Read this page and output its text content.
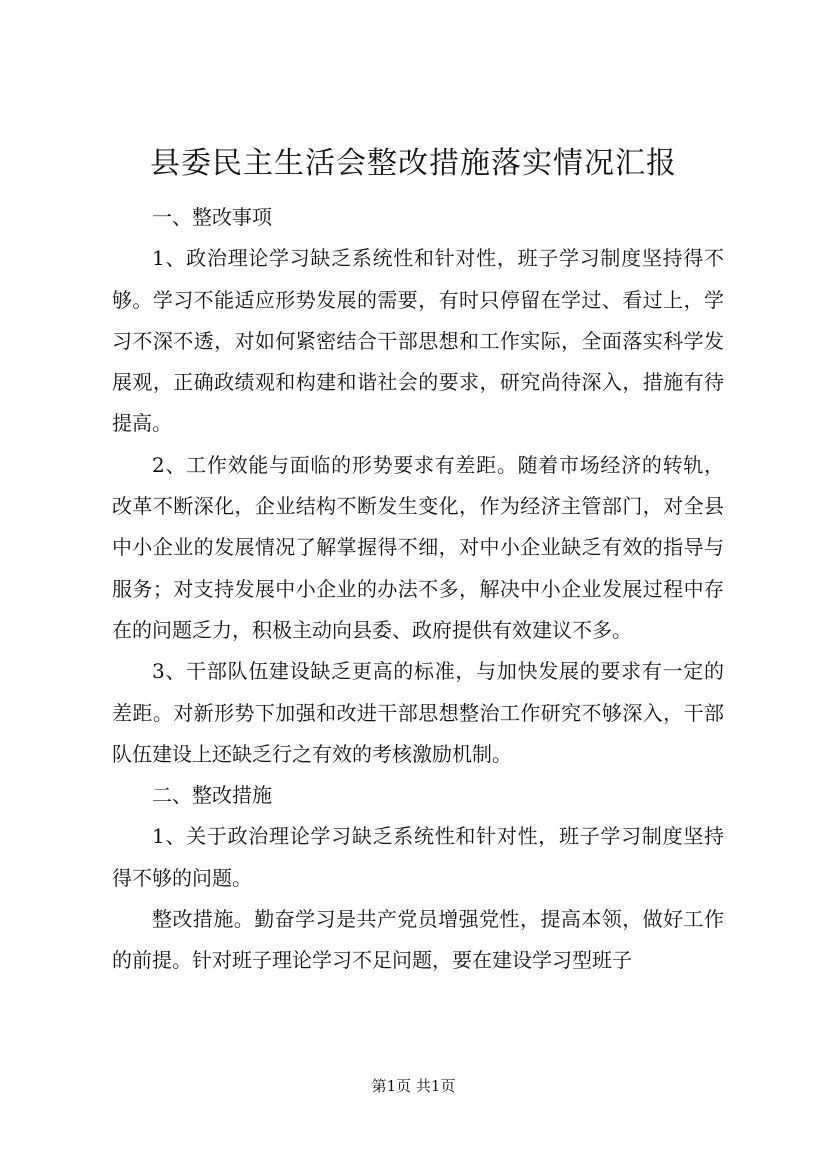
县委民主生活会整改措施落实情况汇报

一、整改事项

1、政治理论学习缺乏系统性和针对性，班子学习制度坚持得不够。学习不能适应形势发展的需要，有时只停留在学过、看过上，学习不深不透，对如何紧密结合干部思想和工作实际，全面落实科学发展观，正确政绩观和构建和谐社会的要求，研究尚待深入，措施有待提高。

2、工作效能与面临的形势要求有差距。随着市场经济的转轨，改革不断深化，企业结构不断发生变化，作为经济主管部门，对全县中小企业的发展情况了解掌握得不细，对中小企业缺乏有效的指导与服务；对支持发展中小企业的办法不多，解决中小企业发展过程中存在的问题乏力，积极主动向县委、政府提供有效建议不多。

3、干部队伍建设缺乏更高的标准，与加快发展的要求有一定的差距。对新形势下加强和改进干部思想整治工作研究不够深入，干部队伍建设上还缺乏行之有效的考核激励机制。

二、整改措施

1、关于政治理论学习缺乏系统性和针对性，班子学习制度坚持得不够的问题。

整改措施。勤奋学习是共产党员增强党性，提高本领，做好工作的前提。针对班子理论学习不足问题，要在建设学习型班子

第1页 共1页
